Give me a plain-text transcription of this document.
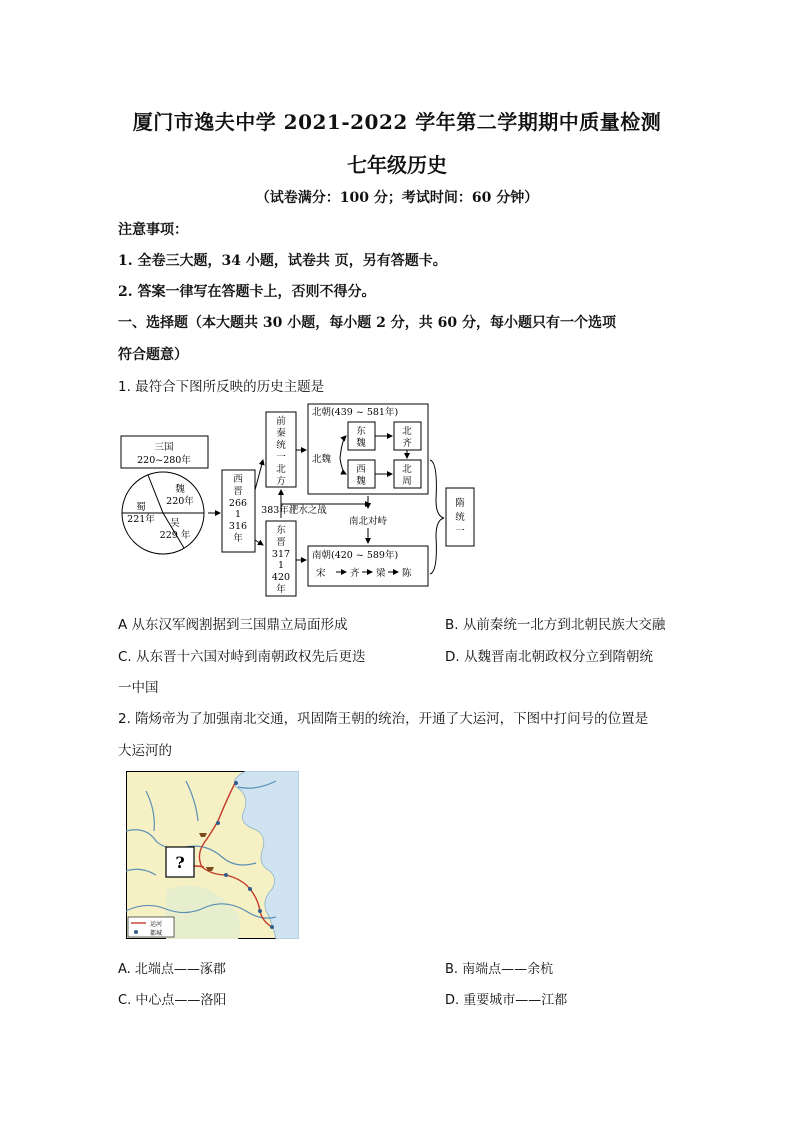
厦门市逸夫中学 2021-2022 学年第二学期期中质量检测
七年级历史
（试卷满分：100 分；考试时间：60 分钟）
注意事项：
1. 全卷三大题，34 小题，试卷共 页，另有答题卡。
2. 答案一律写在答题卡上，否则不得分。
一、选择题（本大题共 30 小题，每小题 2 分，共 60 分，每小题只有一个选项
符合题意）
1. 最符合下图所反映的历史主题是
三国
220~280年
魏
220年
蜀
221年 吴
229 年
西
晋
266
1
316
年
前
秦
统
一
北
方
东
晋
317
1
420
年
383年淝水之战
北朝(439 ~ 581年)
北魏
东
魏
西
魏
北
齐
北
周
南北对峙
南朝(420 ~ 589年)
宋	齐 梁 陈
隋
统
一
A 从东汉军阀割据到三国鼎立局面形成	B. 从前秦统一北方到北朝民族大交融
C. 从东晋十六国对峙到南朝政权先后更迭	D. 从魏晋南北朝政权分立到隋朝统
一中国
2. 隋炀帝为了加强南北交通，巩固隋王朝的统治，开通了大运河，下图中打问号的位置是
大运河的
?
运河
都城
A. 北端点——涿郡	B. 南端点——余杭
C. 中心点——洛阳	D. 重要城市——江都
